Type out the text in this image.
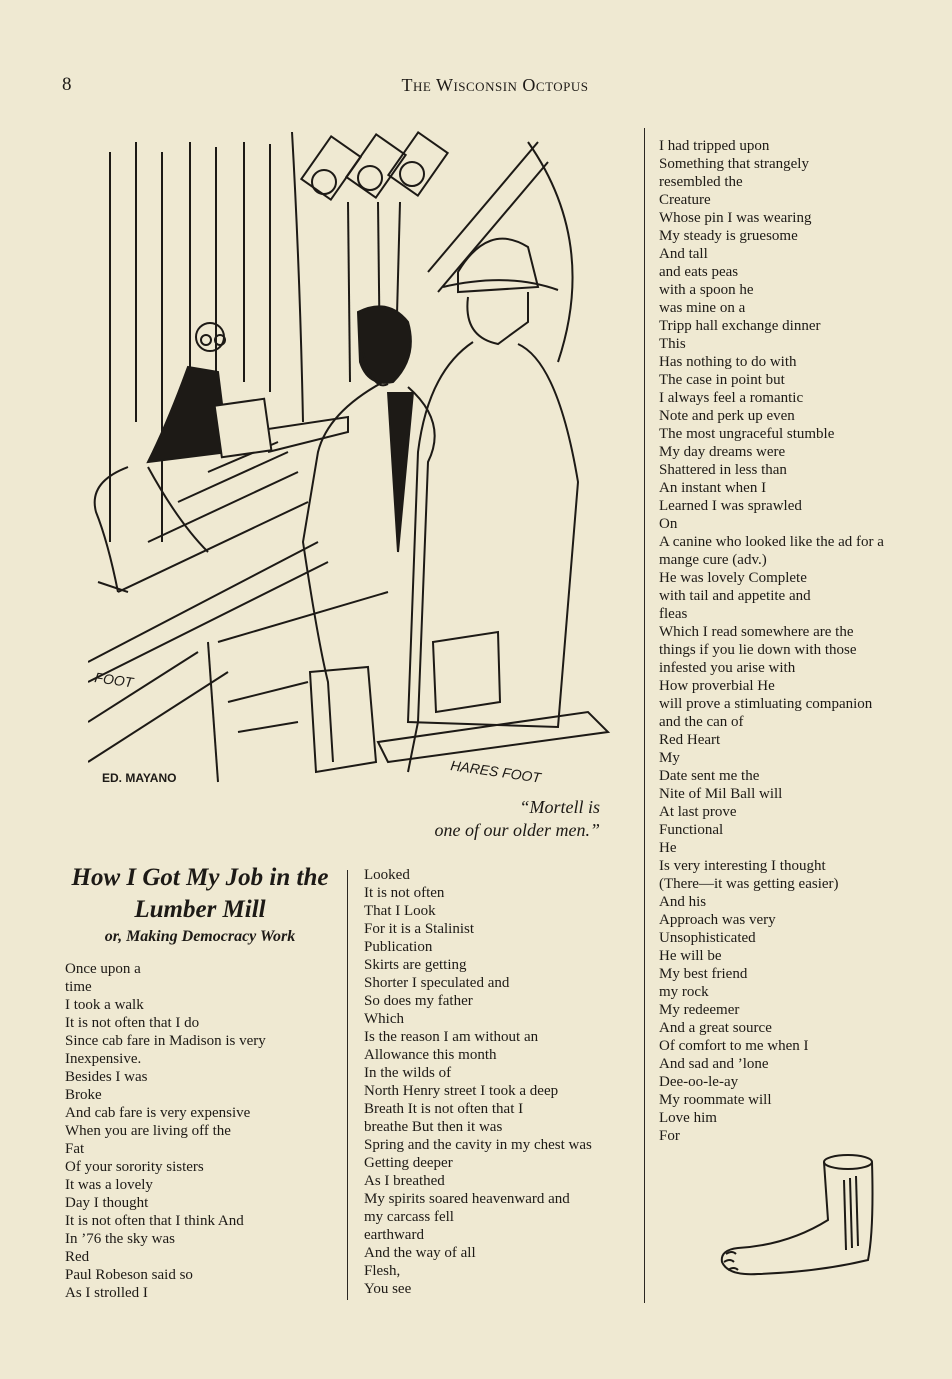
8	The Wisconsin Octopus
FOOT
ED. MAYANO	HARES FOOT
“Mortell is
one of our older men.”
How I Got My Job in the
Lumber Mill
or, Making Democracy Work
Once upon a
time
I took a walk
It is not often that I do
Since cab fare in Madison is very
Inexpensive.
Besides I was
Broke
And cab fare is very expensive
When you are living off the
Fat
Of your sorority sisters
It was a lovely
Day I thought
It is not often that I think And
In ’76 the sky was
Red
Paul Robeson said so
As I strolled I
Looked
It is not often
That I Look
For it is a Stalinist
Publication
Skirts are getting
Shorter I speculated and
So does my father
Which
Is the reason I am without an
Allowance this month
In the wilds of
North Henry street I took a deep
Breath It is not often that I
breathe But then it was
Spring and the cavity in my chest was
Getting deeper
As I breathed
My spirits soared heavenward and
my carcass fell
earthward
And the way of all
Flesh,
You see
I had tripped upon
Something that strangely
resembled the
Creature
Whose pin I was wearing
My steady is gruesome
And tall
and eats peas
with a spoon he
was mine on a
Tripp hall exchange dinner
This
Has nothing to do with
The case in point but
I always feel a romantic
Note and perk up even
The most ungraceful stumble
My day dreams were
Shattered in less than
An instant when I
Learned I was sprawled
On
A canine who looked like the ad for a
mange cure (adv.)
He was lovely Complete
with tail and appetite and
fleas
Which I read somewhere are the
things if you lie down with those
infested you arise with
How proverbial He
will prove a stimluating companion
and the can of
Red Heart
My
Date sent me the
Nite of Mil Ball will
At last prove
Functional
He
Is very interesting I thought
(There—it was getting easier)
And his
Approach was very
Unsophisticated
He will be
My best friend
my rock
My redeemer
And a great source
Of comfort to me when I
And sad and ’lone
Dee-oo-le-ay
My roommate will
Love him
For
